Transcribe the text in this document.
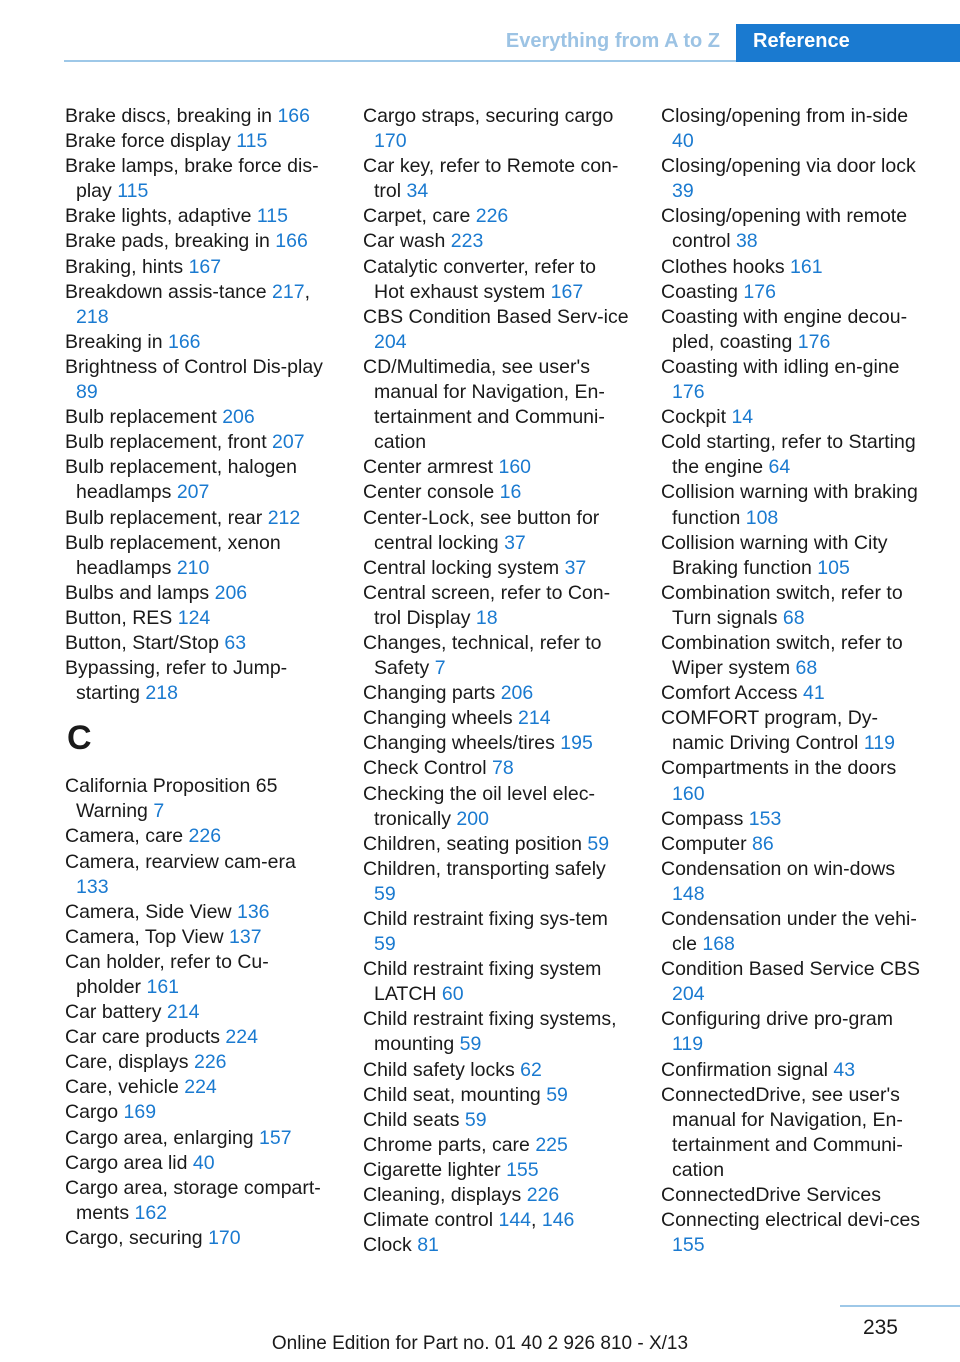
Everything from A to Z	Reference
Brake discs, breaking in 166
Brake force display 115
Brake lamps, brake force dis‐play 115
Brake lights, adaptive 115
Brake pads, breaking in 166
Braking, hints 167
Breakdown assis‐tance 217, 218
Breaking in 166
Brightness of Control Dis‐play 89
Bulb replacement 206
Bulb replacement, front 207
Bulb replacement, halogen headlamps 207
Bulb replacement, rear 212
Bulb replacement, xenon headlamps 210
Bulbs and lamps 206
Button, RES 124
Button, Start/Stop 63
Bypassing, refer to Jump‐starting 218
C
California Proposition 65 Warning 7
Camera, care 226
Camera, rearview cam‐era 133
Camera, Side View 136
Camera, Top View 137
Can holder, refer to Cu‐pholder 161
Car battery 214
Car care products 224
Care, displays 226
Care, vehicle 224
Cargo 169
Cargo area, enlarging 157
Cargo area lid 40
Cargo area, storage compart‐ments 162
Cargo, securing 170
Cargo straps, securing cargo 170
Car key, refer to Remote con‐trol 34
Carpet, care 226
Car wash 223
Catalytic converter, refer to Hot exhaust system 167
CBS Condition Based Serv‐ice 204
CD/Multimedia, see user's manual for Navigation, En‐tertainment and Communi‐cation
Center armrest 160
Center console 16
Center-Lock, see button for central locking 37
Central locking system 37
Central screen, refer to Con‐trol Display 18
Changes, technical, refer to Safety 7
Changing parts 206
Changing wheels 214
Changing wheels/tires 195
Check Control 78
Checking the oil level elec‐tronically 200
Children, seating position 59
Children, transporting safely 59
Child restraint fixing sys‐tem 59
Child restraint fixing system LATCH 60
Child restraint fixing systems, mounting 59
Child safety locks 62
Child seat, mounting 59
Child seats 59
Chrome parts, care 225
Cigarette lighter 155
Cleaning, displays 226
Climate control 144, 146
Clock 81
Closing/opening from in‐side 40
Closing/opening via door lock 39
Closing/opening with remote control 38
Clothes hooks 161
Coasting 176
Coasting with engine decou‐pled, coasting 176
Coasting with idling en‐gine 176
Cockpit 14
Cold starting, refer to Starting the engine 64
Collision warning with braking function 108
Collision warning with City Braking function 105
Combination switch, refer to Turn signals 68
Combination switch, refer to Wiper system 68
Comfort Access 41
COMFORT program, Dy‐namic Driving Control 119
Compartments in the doors 160
Compass 153
Computer 86
Condensation on win‐dows 148
Condensation under the vehi‐cle 168
Condition Based Service CBS 204
Configuring drive pro‐gram 119
Confirmation signal 43
ConnectedDrive, see user's manual for Navigation, En‐tertainment and Communi‐cation
ConnectedDrive Services
Connecting electrical devi‐ces 155
235
Online Edition for Part no. 01 40 2 926 810 - X/13
